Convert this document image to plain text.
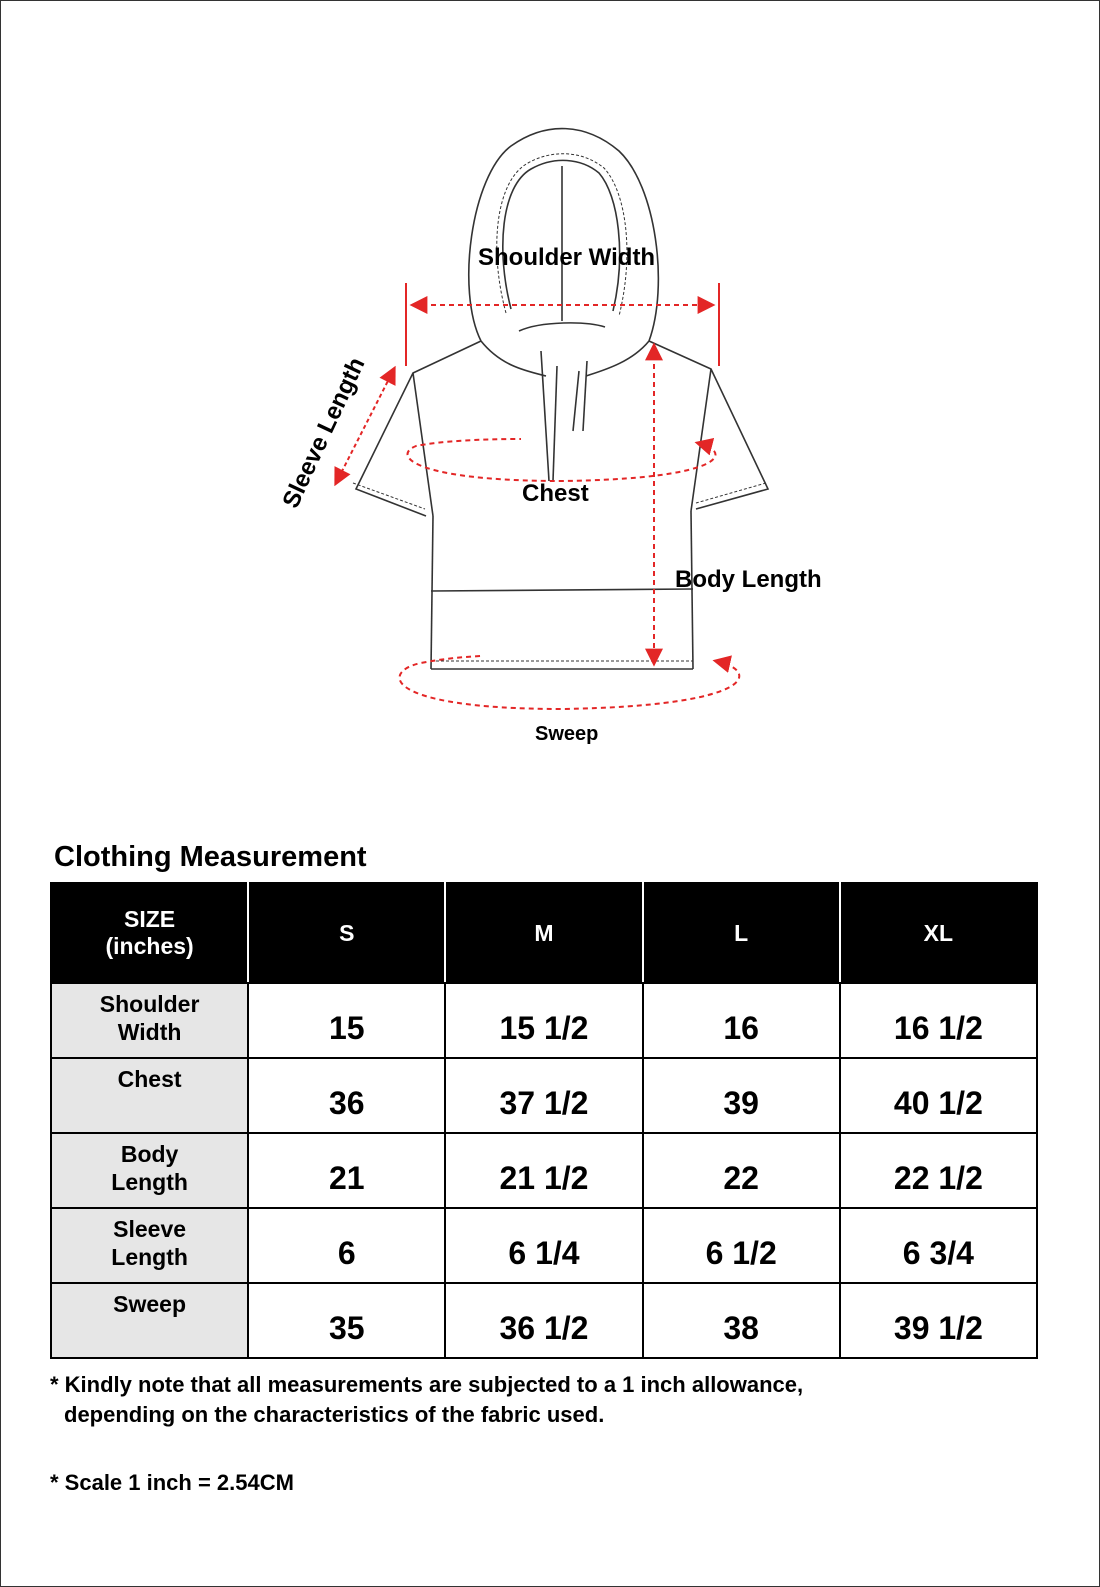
Shoulder Width
Sleeve Length	Chest
Body Length
Sweep
Clothing Measurement
SIZE
(inches)	S	M	L	XL

Shoulder
Width	15	15 1/2	16	16 1/2

Chest	36	37 1/2	39	40 1/2

Body
Length	21	21 1/2	22	22 1/2

Sleeve
Length	6	6 1/4	6 1/2	6 3/4

Sweep	35	36 1/2	38	39 1/2
* Kindly note that all measurements are subjected to a 1 inch allowance,
depending on the characteristics of the fabric used.
* Scale 1 inch = 2.54CM
